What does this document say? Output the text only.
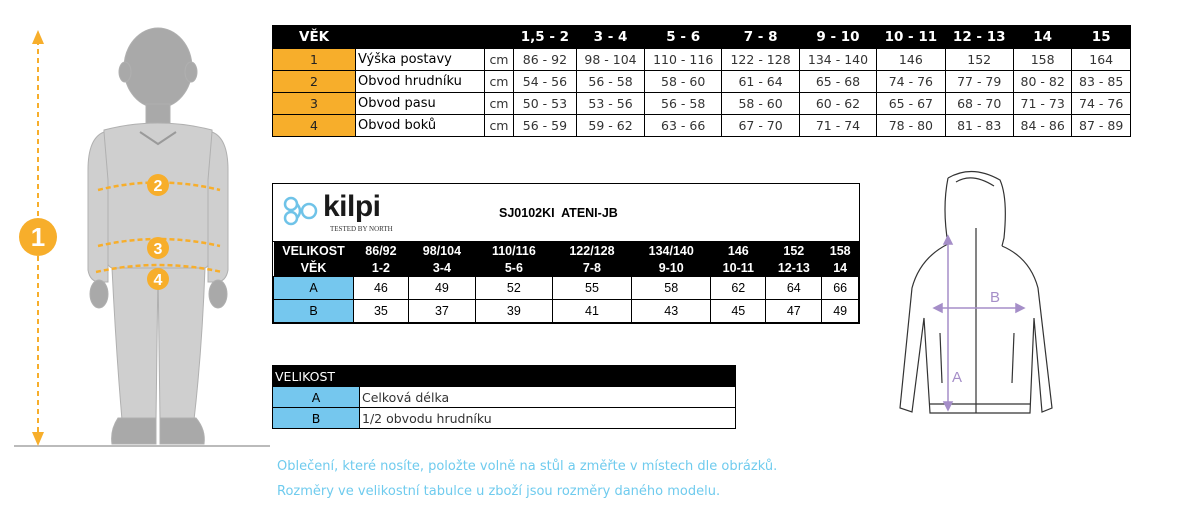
1
2
3
4
VĚK			1,5 - 2	3 - 4	5 - 6	7 - 8	9 - 10	10 - 11	12 - 13	14	15
1	Výška postavy	cm	86 - 92	98 - 104	110 - 116	122 - 128	134 - 140	146	152	158	164
2	Obvod hrudníku	cm	54 - 56	56 - 58	58 - 60	61 - 64	65 - 68	74 - 76	77 - 79	80 - 82	83 - 85
3	Obvod pasu	cm	50 - 53	53 - 56	56 - 58	58 - 60	60 - 62	65 - 67	68 - 70	71 - 73	74 - 76
4	Obvod boků	cm	56 - 59	59 - 62	63 - 66	67 - 70	71 - 74	78 - 80	81 - 83	84 - 86	87 - 89
kilpi
TESTED BY NORTH
SJ0102KI  ATENI-JB
VELIKOST	86/92	98/104	110/116	122/128	134/140	146	152	158
VĚK	1-2	3-4	5-6	7-8	9-10	10-11	12-13	14
A	46	49	52	55	58	62	64	66
B	35	37	39	41	43	45	47	49
VELIKOST	
A	Celková délka
B	1/2 obvodu hrudníku
B
A
Oblečení, které nosíte, položte volně na stůl a změřte v místech dle obrázků.
Rozměry ve velikostní tabulce u zboží jsou rozměry daného modelu.
